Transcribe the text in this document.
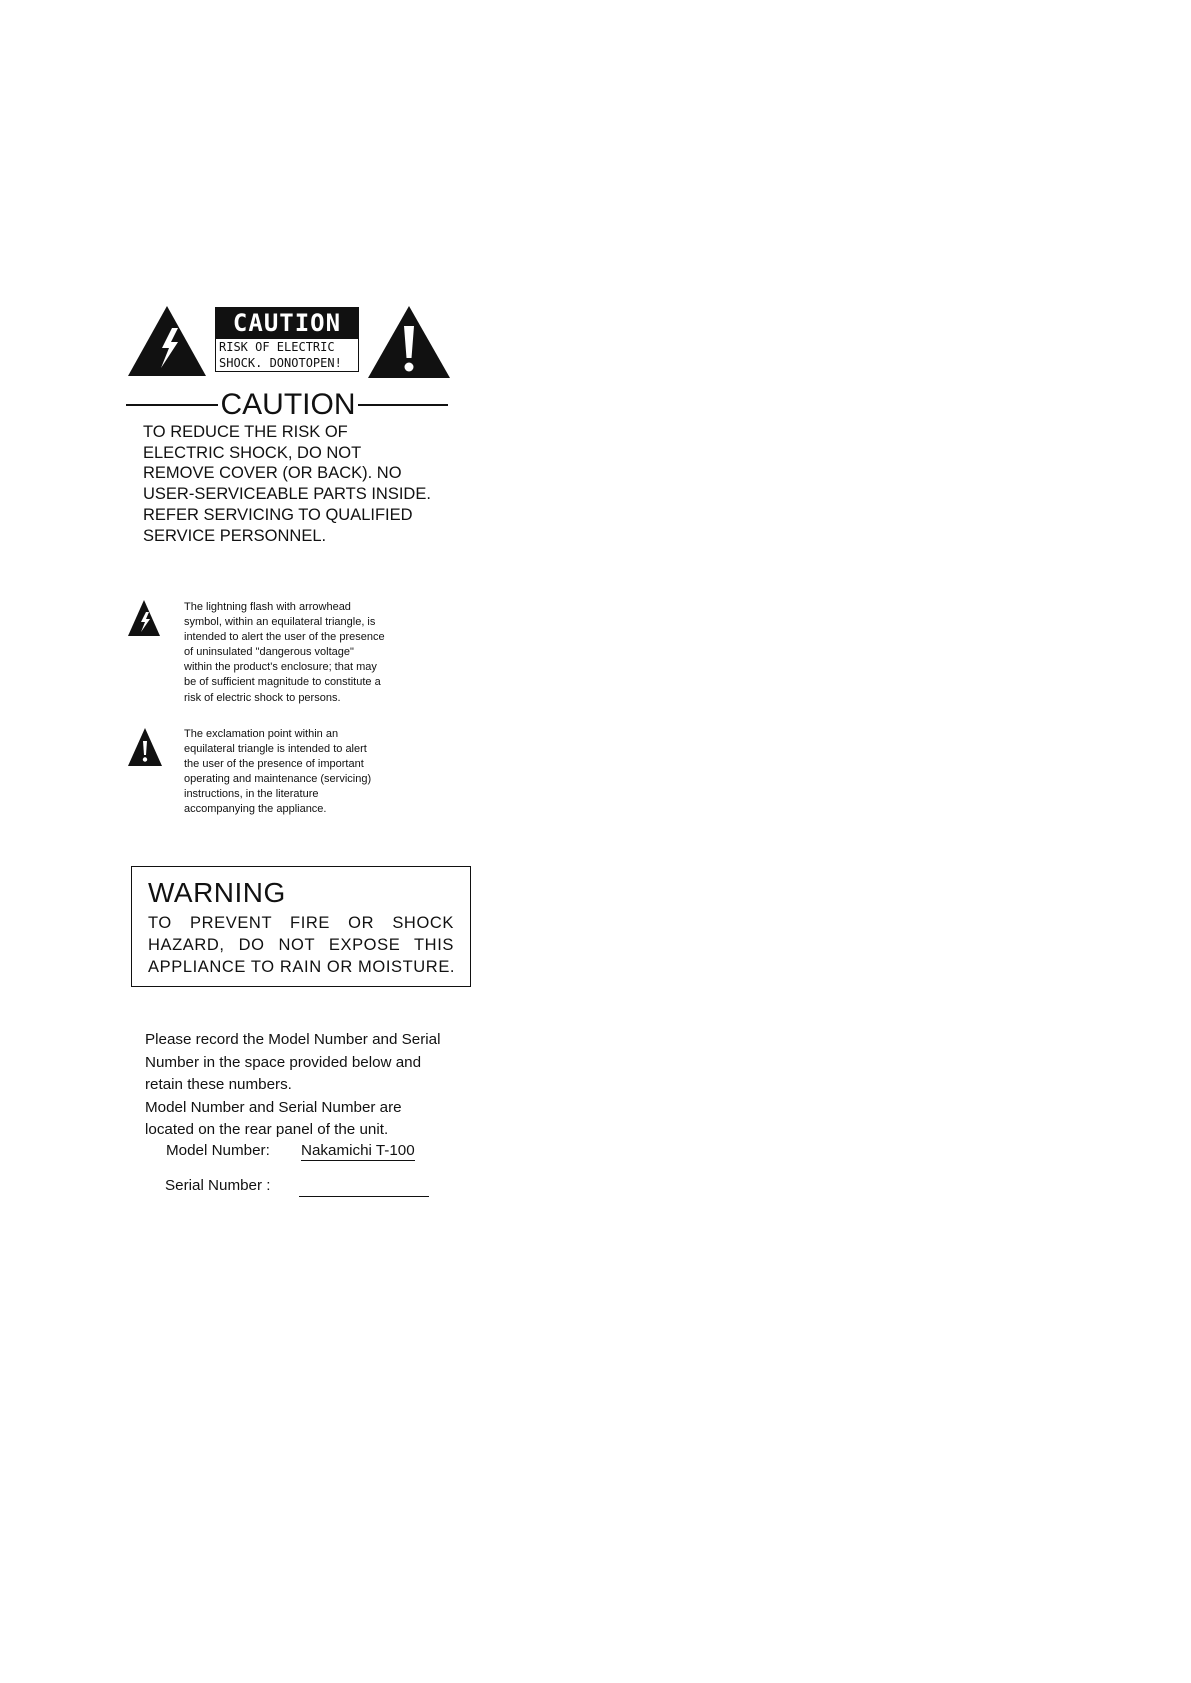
CAUTION
RISK OF ELECTRIC
SHOCK. DONOTOPEN!
CAUTION
TO REDUCE THE RISK OF
ELECTRIC SHOCK, DO NOT
REMOVE COVER (OR BACK). NO
USER-SERVICEABLE PARTS INSIDE.
REFER SERVICING TO QUALIFIED
SERVICE PERSONNEL.
The lightning flash with arrowhead
symbol, within an equilateral triangle, is
intended to alert the user of the presence
of uninsulated "dangerous voltage"
within the product's enclosure; that may
be of sufficient magnitude to constitute a
risk of electric shock to persons.
The exclamation point within an
equilateral triangle is intended to alert
the user of the presence of important
operating and maintenance (servicing)
instructions, in the literature
accompanying the appliance.
WARNING
TO PREVENT FIRE OR SHOCK
HAZARD, DO NOT EXPOSE THIS
APPLIANCE TO RAIN OR MOISTURE.
Please record the Model Number and Serial
Number in the space provided below and
retain these numbers.
Model Number and Serial Number are
located on the rear panel of the unit.
Model Number: Nakamichi T-100
Serial Number :
